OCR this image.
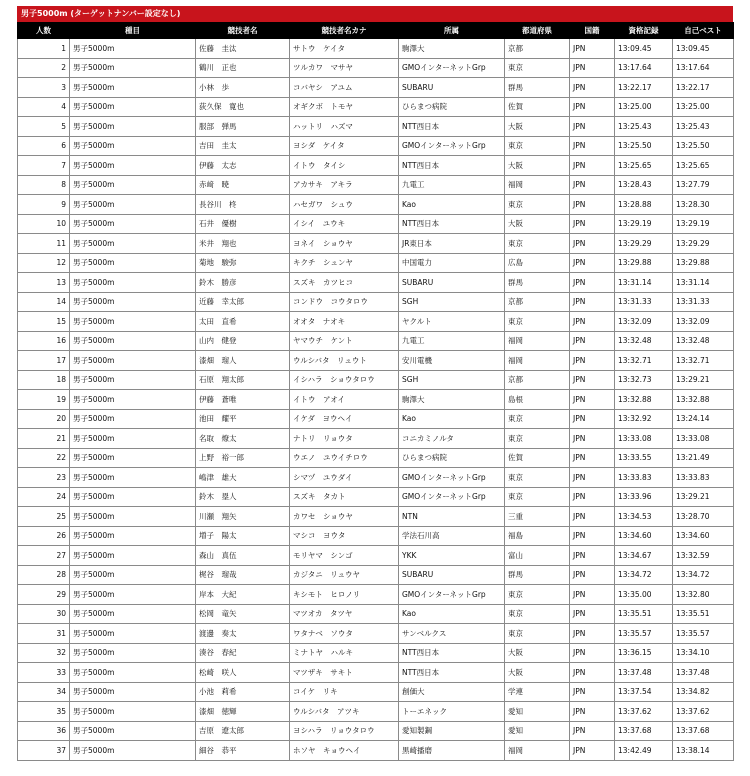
男子5000m (ターゲットナンバー設定なし)
人数	種目	競技者名	競技者名カナ	所属	都道府県	国籍	資格記録	自己ベスト
1	男子5000m	佐藤　圭汰	サトウ　ケイタ	駒澤大	京都	JPN	13:09.45	13:09.45
2	男子5000m	鶴川　正也	ツルカワ　マサヤ	GMOインターネットGrp	東京	JPN	13:17.64	13:17.64
3	男子5000m	小林　歩	コバヤシ　アユム	SUBARU	群馬	JPN	13:22.17	13:22.17
4	男子5000m	荻久保　寛也	オギクボ　トモヤ	ひらまつ病院	佐賀	JPN	13:25.00	13:25.00
5	男子5000m	服部　弾馬	ハットリ　ハズマ	NTT西日本	大阪	JPN	13:25.43	13:25.43
6	男子5000m	吉田　圭太	ヨシダ　ケイタ	GMOインターネットGrp	東京	JPN	13:25.50	13:25.50
7	男子5000m	伊藤　太志	イトウ　タイシ	NTT西日本	大阪	JPN	13:25.65	13:25.65
8	男子5000m	赤﨑　暁	アカサキ　アキラ	九電工	福岡	JPN	13:28.43	13:27.79
9	男子5000m	長谷川　柊	ハセガワ　シュウ	Kao	東京	JPN	13:28.88	13:28.30
10	男子5000m	石井　優樹	イシイ　ユウキ	NTT西日本	大阪	JPN	13:29.19	13:29.19
11	男子5000m	米井　翔也	ヨネイ　ショウヤ	JR東日本	東京	JPN	13:29.29	13:29.29
12	男子5000m	菊地　駿弥	キクチ　シュンヤ	中国電力	広島	JPN	13:29.88	13:29.88
13	男子5000m	鈴木　勝彦	スズキ　カツヒコ	SUBARU	群馬	JPN	13:31.14	13:31.14
14	男子5000m	近藤　幸太郎	コンドウ　コウタロウ	SGH	京都	JPN	13:31.33	13:31.33
15	男子5000m	太田　直希	オオタ　ナオキ	ヤクルト	東京	JPN	13:32.09	13:32.09
16	男子5000m	山内　健登	ヤマウチ　ケント	九電工	福岡	JPN	13:32.48	13:32.48
17	男子5000m	漆畑　瑠人	ウルシバタ　リュウト	安川電機	福岡	JPN	13:32.71	13:32.71
18	男子5000m	石原　翔太郎	イシハラ　ショウタロウ	SGH	京都	JPN	13:32.73	13:29.21
19	男子5000m	伊藤　蒼唯	イトウ　アオイ	駒澤大	島根	JPN	13:32.88	13:32.88
20	男子5000m	池田　耀平	イケダ　ヨウヘイ	Kao	東京	JPN	13:32.92	13:24.14
21	男子5000m	名取　燎太	ナトリ　リョウタ	コニカミノルタ	東京	JPN	13:33.08	13:33.08
22	男子5000m	上野　裕一郎	ウエノ　ユウイチロウ	ひらまつ病院	佐賀	JPN	13:33.55	13:21.49
23	男子5000m	嶋津　雄大	シマヅ　ユウダイ	GMOインターネットGrp	東京	JPN	13:33.83	13:33.83
24	男子5000m	鈴木　塁人	スズキ　タカト	GMOインターネットGrp	東京	JPN	13:33.96	13:29.21
25	男子5000m	川瀬　翔矢	カワセ　ショウヤ	NTN	三重	JPN	13:34.53	13:28.70
26	男子5000m	増子　陽太	マシコ　ヨウタ	学法石川高	福島	JPN	13:34.60	13:34.60
27	男子5000m	森山　真伍	モリヤマ　シンゴ	YKK	富山	JPN	13:34.67	13:32.59
28	男子5000m	梶谷　瑠哉	カジタニ　リュウヤ	SUBARU	群馬	JPN	13:34.72	13:34.72
29	男子5000m	岸本　大紀	キシモト　ヒロノリ	GMOインターネットGrp	東京	JPN	13:35.00	13:32.80
30	男子5000m	松岡　竜矢	マツオカ　タツヤ	Kao	東京	JPN	13:35.51	13:35.51
31	男子5000m	渡邊　奏太	ワタナベ　ソウタ	サンベルクス	東京	JPN	13:35.57	13:35.57
32	男子5000m	湊谷　春紀	ミナトヤ　ハルキ	NTT西日本	大阪	JPN	13:36.15	13:34.10
33	男子5000m	松崎　咲人	マツザキ　サキト	NTT西日本	大阪	JPN	13:37.48	13:37.48
34	男子5000m	小池　莉希	コイケ　リキ	創価大	学連	JPN	13:37.54	13:34.82
35	男子5000m	漆畑　徳輝	ウルシバタ　アツキ	トーエネック	愛知	JPN	13:37.62	13:37.62
36	男子5000m	吉原　遼太郎	ヨシハラ　リョウタロウ	愛知製鋼	愛知	JPN	13:37.68	13:37.68
37	男子5000m	細谷　恭平	ホソヤ　キョウヘイ	黒崎播磨	福岡	JPN	13:42.49	13:38.14
